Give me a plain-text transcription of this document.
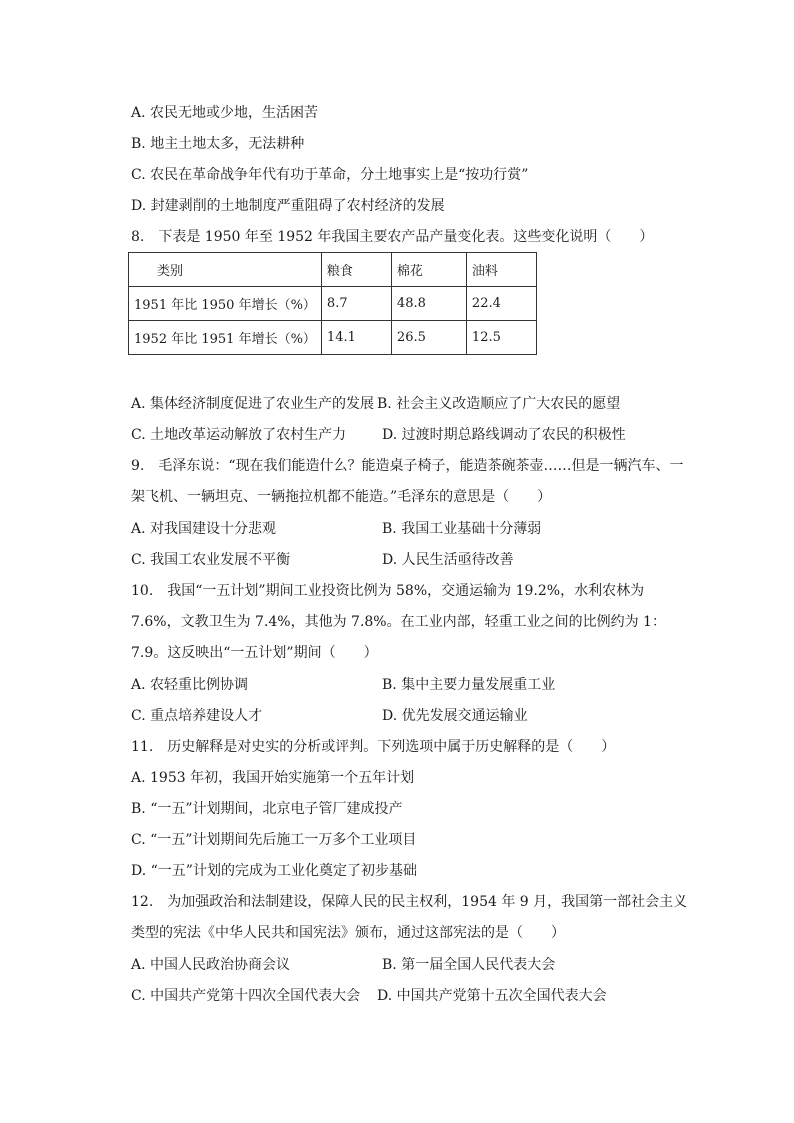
A. 农民无地或少地，生活困苦
B. 地主土地太多，无法耕种
C. 农民在革命战争年代有功于革命，分土地事实上是“按功行赏”
D. 封建剥削的土地制度严重阻碍了农村经济的发展
8.　下表是 1950 年至 1952 年我国主要农产品产量变化表。这些变化说明（　　）
类别	粮食	棉花	油料
1951 年比 1950 年增长（%）	8.7	48.8	22.4
1952 年比 1951 年增长（%）	14.1	26.5	12.5
A. 集体经济制度促进了农业生产的发展 B. 社会主义改造顺应了广大农民的愿望
C. 土地改革运动解放了农村生产力	D. 过渡时期总路线调动了农民的积极性
9.　毛泽东说：“现在我们能造什么？能造桌子椅子，能造茶碗茶壶……但是一辆汽车、一架飞机、一辆坦克、一辆拖拉机都不能造。”毛泽东的意思是（　　）
A. 对我国建设十分悲观	B. 我国工业基础十分薄弱
C. 我国工农业发展不平衡	D. 人民生活亟待改善
10.　我国“一五计划”期间工业投资比例为 58%，交通运输为 19.2%，水利农林为 7.6%，文教卫生为 7.4%，其他为 7.8%。在工业内部，轻重工业之间的比例约为 1：7.9。这反映出“一五计划”期间（　　）
A. 农轻重比例协调	B. 集中主要力量发展重工业
C. 重点培养建设人才	D. 优先发展交通运输业
11.　历史解释是对史实的分析或评判。下列选项中属于历史解释的是（　　）
A. 1953 年初，我国开始实施第一个五年计划
B. “一五”计划期间，北京电子管厂建成投产
C. “一五”计划期间先后施工一万多个工业项目
D. “一五”计划的完成为工业化奠定了初步基础
12.　为加强政治和法制建设，保障人民的民主权利，1954 年 9 月，我国第一部社会主义类型的宪法《中华人民共和国宪法》颁布，通过这部宪法的是（　　）
A. 中国人民政治协商会议	B. 第一届全国人民代表大会
C. 中国共产党第十四次全国代表大会 D. 中国共产党第十五次全国代表大会
